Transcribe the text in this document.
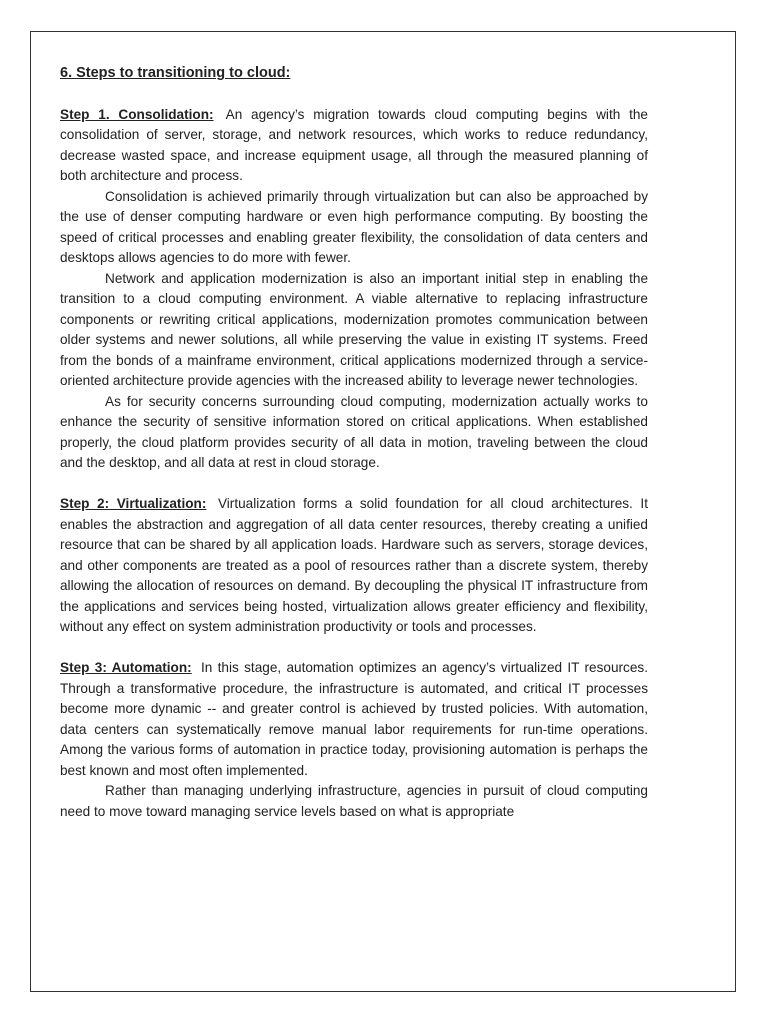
6. Steps to transitioning to cloud:

Step 1. Consolidation: An agency’s migration towards cloud computing begins with the consolidation of server, storage, and network resources, which works to reduce redundancy, decrease wasted space, and increase equipment usage, all through the measured planning of both architecture and process.

Consolidation is achieved primarily through virtualization but can also be approached by the use of denser computing hardware or even high performance computing. By boosting the speed of critical processes and enabling greater flexibility, the consolidation of data centers and desktops allows agencies to do more with fewer.

Network and application modernization is also an important initial step in enabling the transition to a cloud computing environment. A viable alternative to replacing infrastructure components or rewriting critical applications, modernization promotes communication between older systems and newer solutions, all while preserving the value in existing IT systems. Freed from the bonds of a mainframe environment, critical applications modernized through a service-oriented architecture provide agencies with the increased ability to leverage newer technologies.

As for security concerns surrounding cloud computing, modernization actually works to enhance the security of sensitive information stored on critical applications. When established properly, the cloud platform provides security of all data in motion, traveling between the cloud and the desktop, and all data at rest in cloud storage.

Step 2: Virtualization: Virtualization forms a solid foundation for all cloud architectures. It enables the abstraction and aggregation of all data center resources, thereby creating a unified resource that can be shared by all application loads. Hardware such as servers, storage devices, and other components are treated as a pool of resources rather than a discrete system, thereby allowing the allocation of resources on demand. By decoupling the physical IT infrastructure from the applications and services being hosted, virtualization allows greater efficiency and flexibility, without any effect on system administration productivity or tools and processes.

Step 3: Automation: In this stage, automation optimizes an agency’s virtualized IT resources. Through a transformative procedure, the infrastructure is automated, and critical IT processes become more dynamic -- and greater control is achieved by trusted policies. With automation, data centers can systematically remove manual labor requirements for run-time operations. Among the various forms of automation in practice today, provisioning automation is perhaps the best known and most often implemented.

Rather than managing underlying infrastructure, agencies in pursuit of cloud computing need to move toward managing service levels based on what is appropriate
